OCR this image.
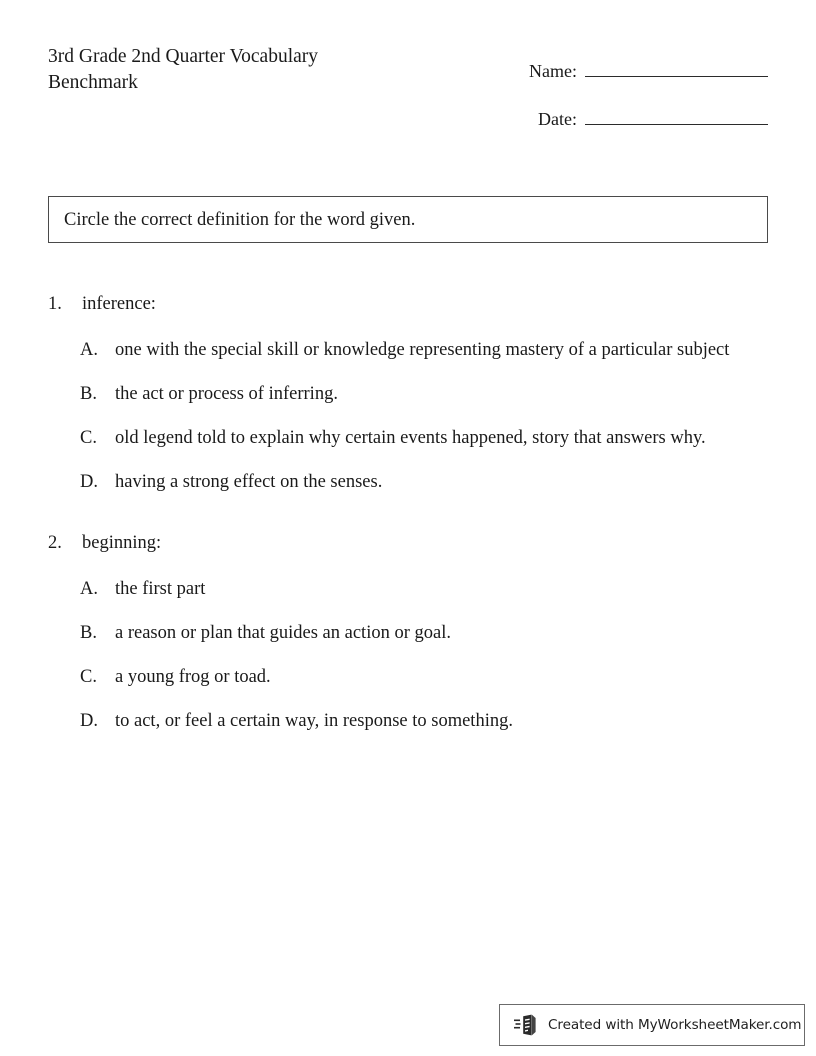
3rd Grade 2nd Quarter Vocabulary Benchmark
Name:
Date:
Circle the correct definition for the word given.
1.	inference:
A. one with the special skill or knowledge representing mastery of a particular subject
B. the act or process of inferring.
C. old legend told to explain why certain events happened, story that answers why.
D. having a strong effect on the senses.
2.	beginning:
A. the first part
B. a reason or plan that guides an action or goal.
C. a young frog or toad.
D. to act, or feel a certain way, in response to something.
Created with MyWorksheetMaker.com
